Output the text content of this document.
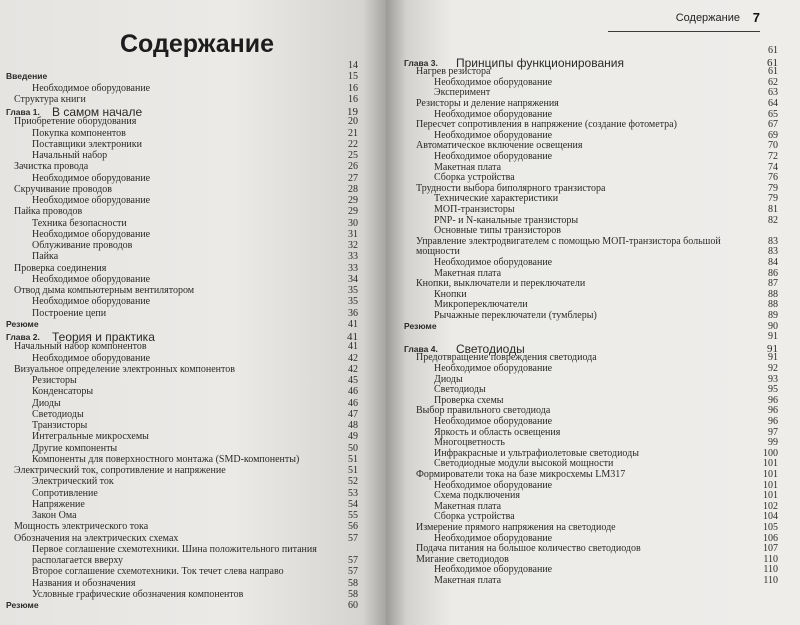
Содержание
14
Введение	15
Необходимое оборудование	16
Структура книги	16
Глава 1. В самом начале	19
Приобретение оборудования	20
Покупка компонентов	21
Поставщики электроники	22
Начальный набор	25
Зачистка провода	26
Необходимое оборудование	27
Скручивание проводов	28
Необходимое оборудование	29
Пайка проводов	29
Техника безопасности	30
Необходимое оборудование	31
Облуживание проводов	32
Пайка	33
Проверка соединения	33
Необходимое оборудование	34
Отвод дыма компьютерным вентилятором	35
Необходимое оборудование	35
Построение цепи	36
Резюме	41
Глава 2. Теория и практика	41
Начальный набор компонентов	41
Необходимое оборудование	42
Визуальное определение электронных компонентов	42
Резисторы	45
Конденсаторы	46
Диоды	46
Светодиоды	47
Транзисторы	48
Интегральные микросхемы	49
Другие компоненты	50
Компоненты для поверхностного монтажа (SMD-компоненты)	51
Электрический ток, сопротивление и напряжение	51
Электрический ток	52
Сопротивление	53
Напряжение	54
Закон Ома	55
Мощность электрического тока	56
Обозначения на электрических схемах	57
Первое соглашение схемотехники. Шина положительного питания
располагается вверху	57
Второе соглашение схемотехники. Ток течет слева направо	57
Названия и обозначения	58
Условные графические обозначения компонентов	58
Резюме	60
Содержание 7
61
Глава 3. Принципы функционирования	61
Нагрев резистора	61
Необходимое оборудование	62
Эксперимент	63
Резисторы и деление напряжения	64
Необходимое оборудование	65
Пересчет сопротивления в напряжение (создание фотометра)	67
Необходимое оборудование	69
Автоматическое включение освещения	70
Необходимое оборудование	72
Макетная плата	74
Сборка устройства	76
Трудности выбора биполярного транзистора	79
Технические характеристики	79
МОП-транзисторы	81
PNP- и N-канальные транзисторы	82
Основные типы транзисторов
Управление электродвигателем с помощью МОП-транзистора большой	83
мощности	83
Необходимое оборудование	84
Макетная плата	86
Кнопки, выключатели и переключатели	87
Кнопки	88
Микропереключатели	88
Рычажные переключатели (тумблеры)	89
Резюме	90
91
Глава 4. Светодиоды	91
Предотвращение повреждения светодиода	91
Необходимое оборудование	92
Диоды	93
Светодиоды	95
Проверка схемы	96
Выбор правильного светодиода	96
Необходимое оборудование	96
Яркость и область освещения	97
Многоцветность	99
Инфракрасные и ультрафиолетовые светодиоды	100
Светодиодные модули высокой мощности	101
Формирователи тока на базе микросхемы LM317	101
Необходимое оборудование	101
Схема подключения	101
Макетная плата	102
Сборка устройства	104
Измерение прямого напряжения на светодиоде	105
Необходимое оборудование	106
Подача питания на большое количество светодиодов	107
Мигание светодиодов	110
Необходимое оборудование	110
Макетная плата	110
